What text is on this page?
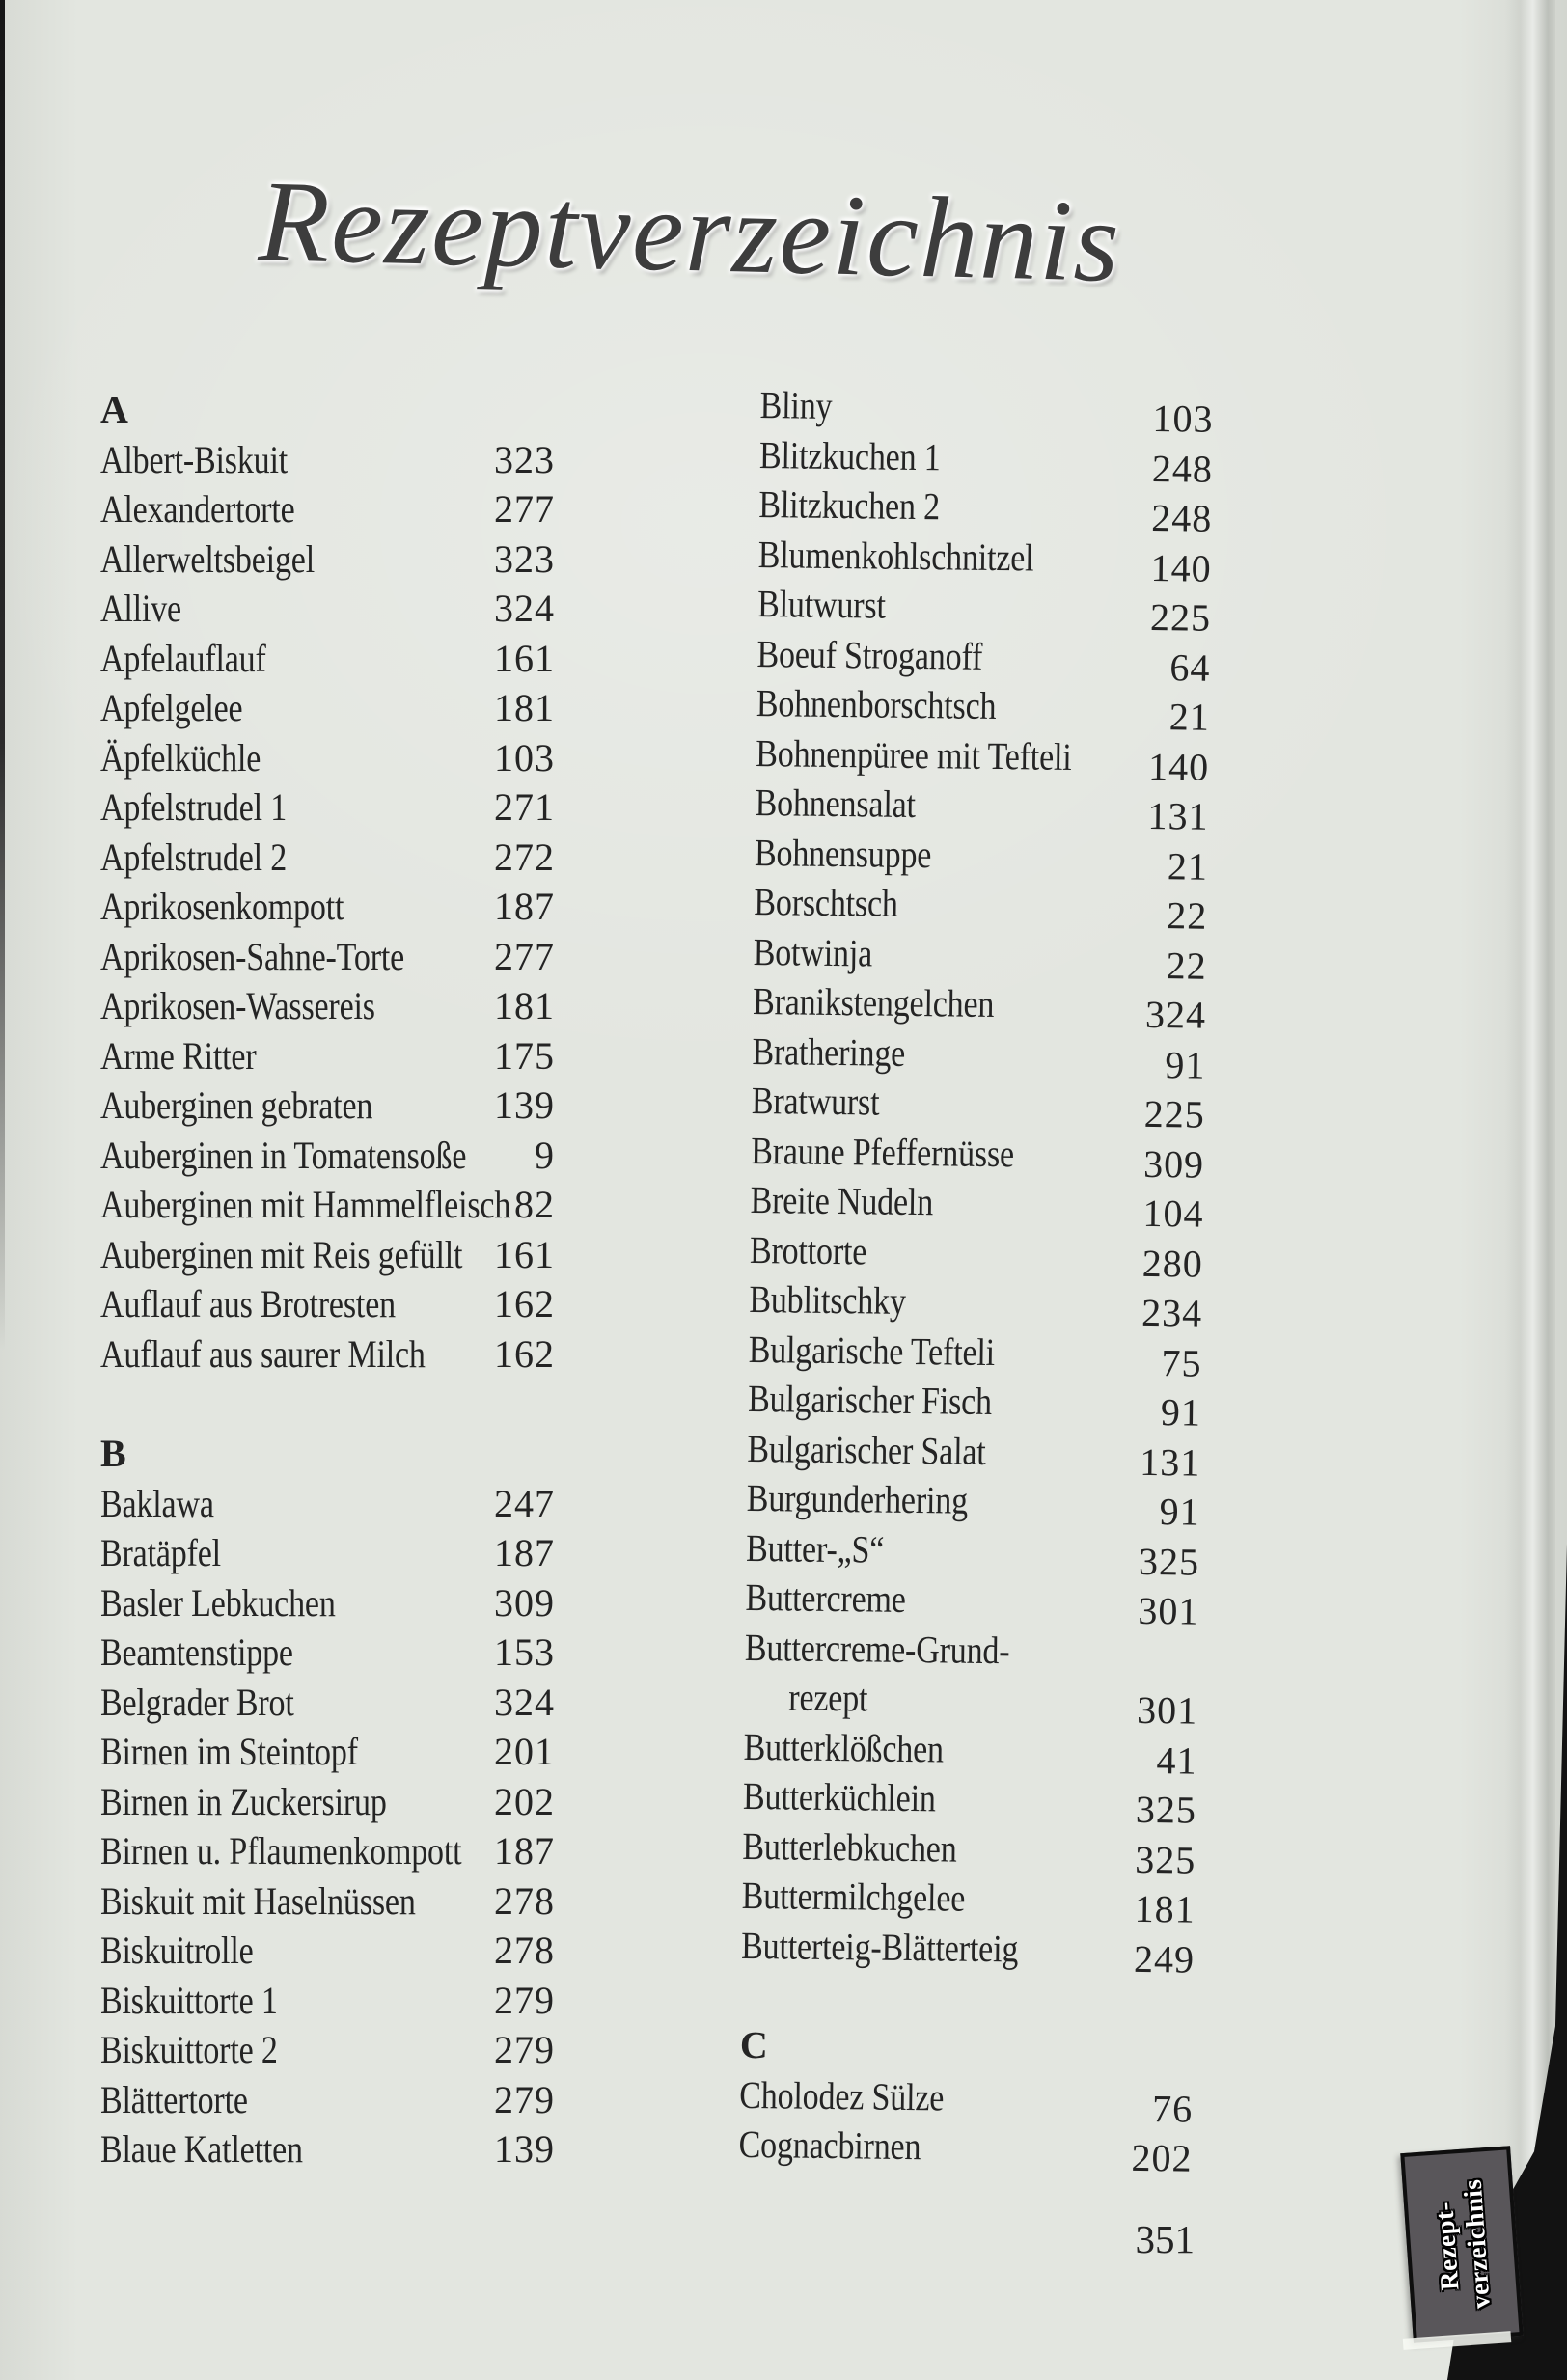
Rezeptverzeichnis
A
Albert-Biskuit	323
Alexandertorte	277
Allerweltsbeigel	323
Allive	324
Apfelauflauf	161
Apfelgelee	181
Äpfelküchle	103
Apfelstrudel 1	271
Apfelstrudel 2	272
Aprikosenkompott	187
Aprikosen-Sahne-Torte 277
Aprikosen-Wassereis	181
Arme Ritter	175
Auberginen gebraten	139
Auberginen in Tomatensoße 9
Auberginen mit Hammelfleisch 82
Auberginen mit Reis gefüllt 161
Auflauf aus Brotresten	162
Auflauf aus saurer Milch 162
B
Baklawa	247
Bratäpfel	187
Basler Lebkuchen	309
Beamtenstippe	153
Belgrader Brot	324
Birnen im Steintopf	201
Birnen in Zuckersirup	202
Birnen u. Pflaumenkompott 187
Biskuit mit Haselnüssen 278
Biskuitrolle	278
Biskuittorte 1	279
Biskuittorte 2	279
Blättertorte	279
Blaue Katletten	139
Bliny	103
Blitzkuchen 1	248
Blitzkuchen 2	248
Blumenkohlschnitzel	140
Blutwurst	225
Boeuf Stroganoff	64
Bohnenborschtsch	21
Bohnenpüree mit Tefteli 140
Bohnensalat	131
Bohnensuppe	21
Borschtsch	22
Botwinja	22
Branikstengelchen	324
Bratheringe	91
Bratwurst	225
Braune Pfeffernüsse	309
Breite Nudeln	104
Brottorte	280
Bublitschky	234
Bulgarische Tefteli	75
Bulgarischer Fisch	91
Bulgarischer Salat	131
Burgunderhering	91
Butter-„S“	325
Buttercreme	301
Buttercreme-Grund-
rezept	301
Butterklößchen	41
Butterküchlein	325
Butterlebkuchen	325
Buttermilchgelee	181
Butterteig-Blätterteig	249
C
Cholodez Sülze	76
Cognacbirnen	202
351	Rezept-
verzeichnis
